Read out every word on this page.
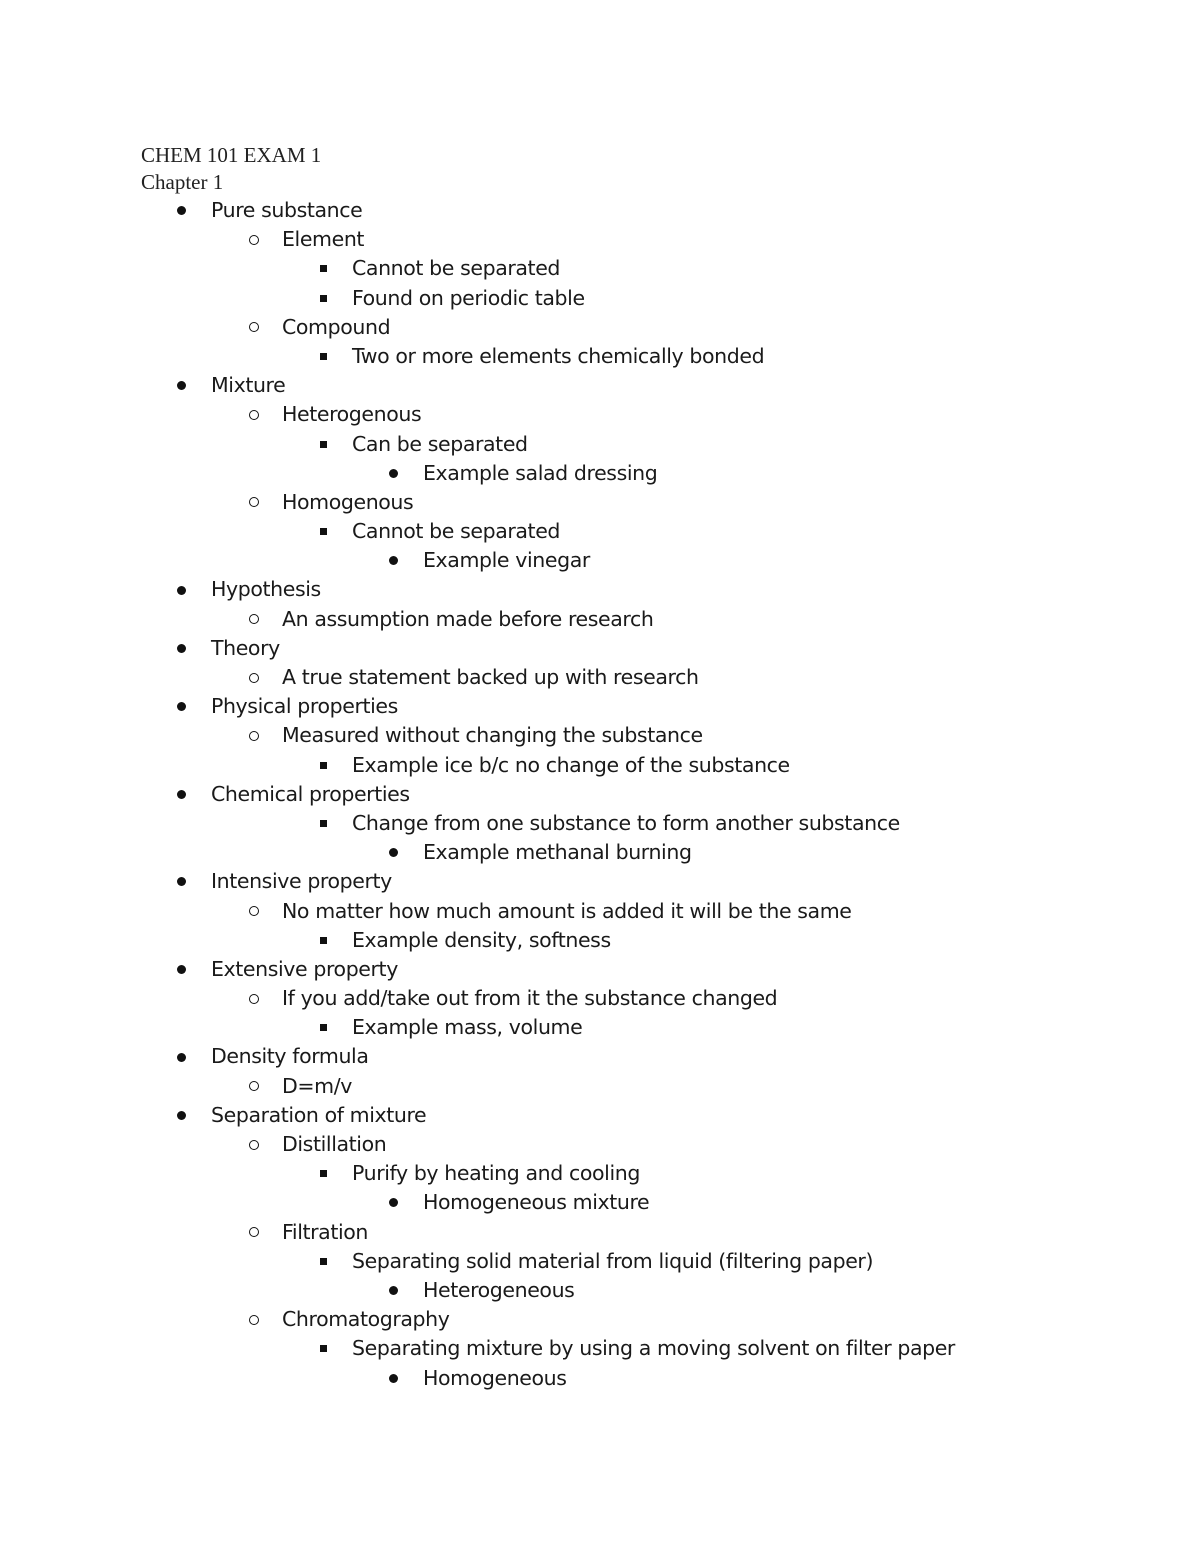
CHEM 101 EXAM 1
Chapter 1
Pure substance
Element
Cannot be separated
Found on periodic table
Compound
Two or more elements chemically bonded
Mixture
Heterogenous
Can be separated
Example salad dressing
Homogenous
Cannot be separated
Example vinegar
Hypothesis
An assumption made before research
Theory
A true statement backed up with research
Physical properties
Measured without changing the substance
Example ice b/c no change of the substance
Chemical properties
Change from one substance to form another substance
Example methanal burning
Intensive property
No matter how much amount is added it will be the same
Example density, softness
Extensive property
If you add/take out from it the substance changed
Example mass, volume
Density formula
D=m/v
Separation of mixture
Distillation
Purify by heating and cooling
Homogeneous mixture
Filtration
Separating solid material from liquid (filtering paper)
Heterogeneous
Chromatography
Separating mixture by using a moving solvent on filter paper
Homogeneous
